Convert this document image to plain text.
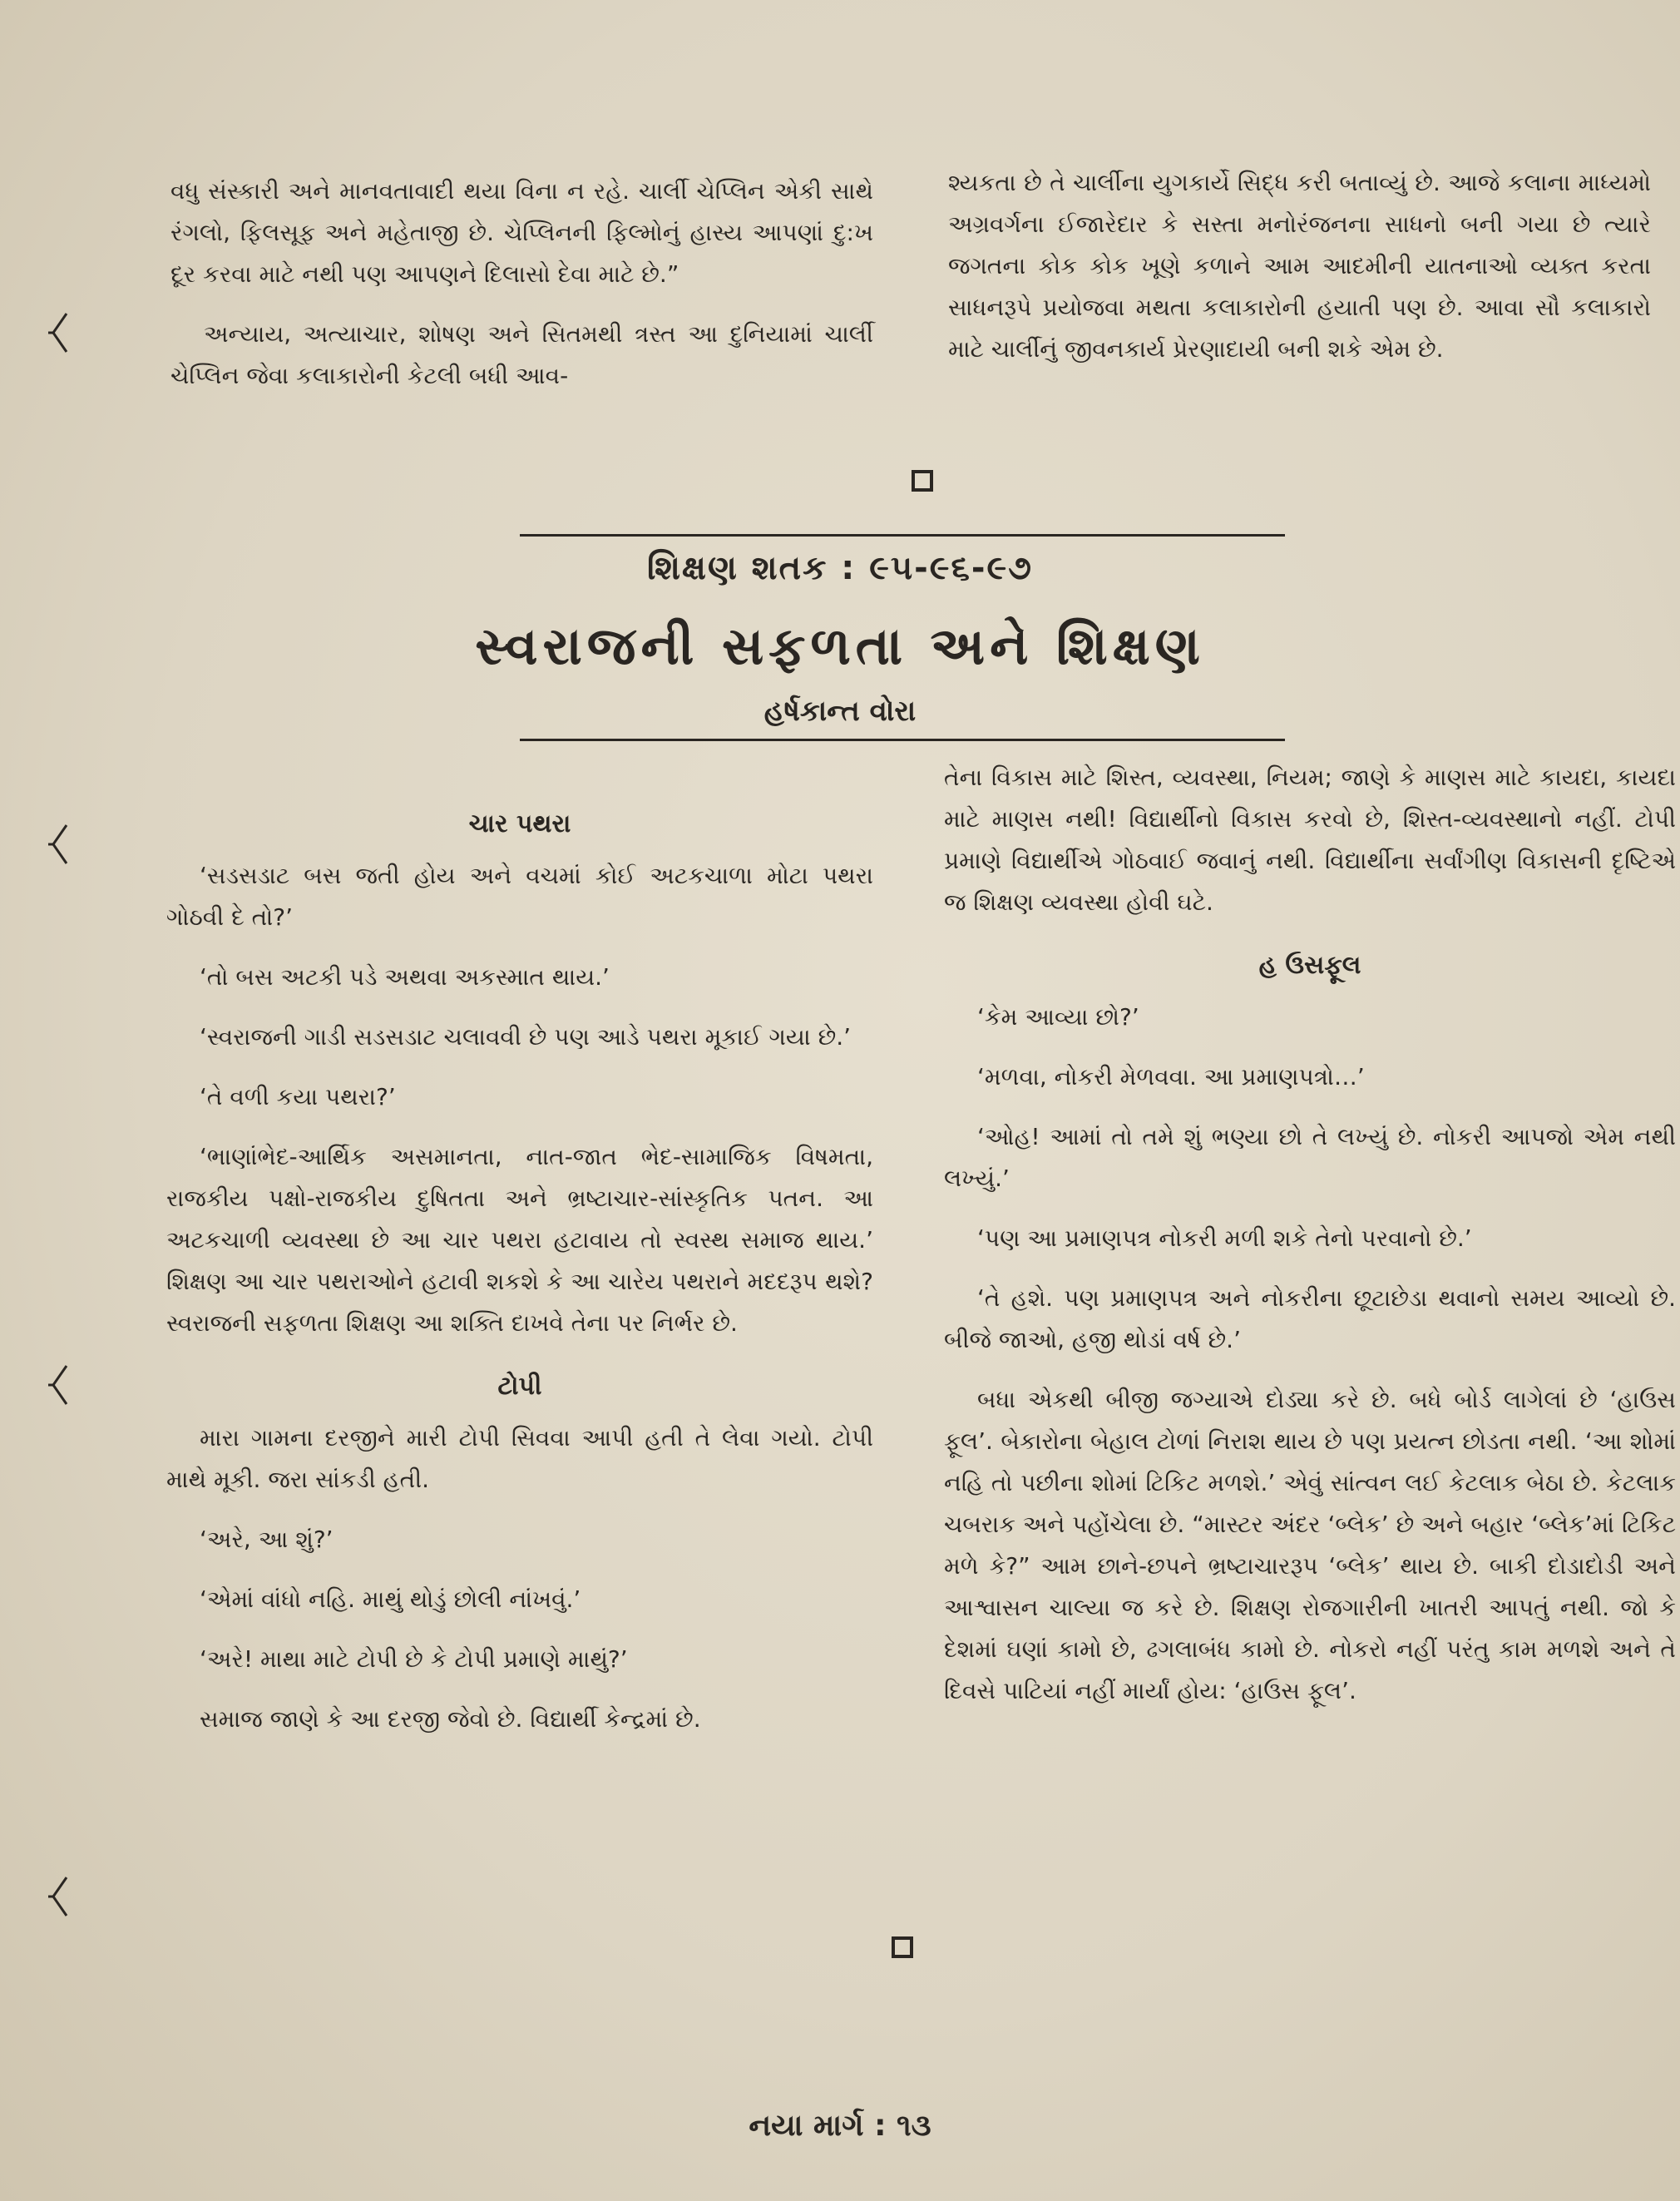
વધુ સંસ્કારી અને માનવતાવાદી થયા વિના ન રહે. ચાર્લી ચેપ્લિન એકી સાથે રંગલો, ફિલસૂફ અને મહેતાજી છે. ચેપ્લિનની ફિલ્મોનું હાસ્ય આપણાં દુ:ખ દૂર કરવા માટે નથી પણ આપણને દિલાસો દેવા માટે છે.”

અન્યાય, અત્યાચાર, શોષણ અને સિતમથી ત્રસ્ત આ દુનિયામાં ચાર્લી ચેપ્લિન જેવા કલાકારોની કેટલી બધી આવ-

શ્યકતા છે તે ચાર્લીના યુગકાર્યે સિદ્ધ કરી બતાવ્યું છે. આજે કલાના માધ્યમો અગ્રવર્ગના ઈજારેદાર કે સસ્તા મનોરંજનના સાધનો બની ગયા છે ત્યારે જગતના કોક કોક ખૂણે કળાને આમ આદમીની યાતનાઓ વ્યક્ત કરતા સાધનરૂપે પ્રયોજવા મથતા કલાકારોની હયાતી પણ છે. આવા સૌ કલાકારો માટે ચાર્લીનું જીવનકાર્ય પ્રેરણાદાયી બની શકે એમ છે.

શિક્ષણ શતક : ૯૫-૯૬-૯૭
સ્વરાજની સફળતા અને શિક્ષણ
હર્ષકાન્ત વોરા
ચાર પથરા

‘સડસડાટ બસ જતી હોય અને વચમાં કોઈ અટકચાળા મોટા પથરા ગોઠવી દે તો?’

‘તો બસ અટકી પડે અથવા અકસ્માત થાય.’

‘સ્વરાજની ગાડી સડસડાટ ચલાવવી છે પણ આડે પથરા મૂકાઈ ગયા છે.’

‘તે વળી કયા પથરા?’

‘ભાણાંભેદ-આર્થિક અસમાનતા, નાત-જાત ભેદ-સામાજિક વિષમતા, રાજકીય પક્ષો-રાજકીય દુષિતતા અને ભ્રષ્ટાચાર-સાંસ્કૃતિક પતન. આ અટકચાળી વ્યવસ્થા છે આ ચાર પથરા હટાવાય તો સ્વસ્થ સમાજ થાય.’ શિક્ષણ આ ચાર પથરાઓને હટાવી શકશે કે આ ચારેય પથરાને મદદરૂપ થશે? સ્વરાજની સફળતા શિક્ષણ આ શક્તિ દાખવે તેના પર નિર્ભર છે.

ટોપી

મારા ગામના દરજીને મારી ટોપી સિવવા આપી હતી તે લેવા ગયો. ટોપી માથે મૂકી. જરા સાંકડી હતી.

‘અરે, આ શું?’

‘એમાં વાંધો નહિ. માથું થોડું છોલી નાંખવું.’

‘અરે! માથા માટે ટોપી છે કે ટોપી પ્રમાણે માથું?’

સમાજ જાણે કે આ દરજી જેવો છે. વિદ્યાર્થી કેન્દ્રમાં છે.

તેના વિકાસ માટે શિસ્ત, વ્યવસ્થા, નિયમ; જાણે કે માણસ માટે કાયદા, કાયદા માટે માણસ નથી! વિદ્યાર્થીનો વિકાસ કરવો છે, શિસ્ત-વ્યવસ્થાનો નહીં. ટોપી પ્રમાણે વિદ્યાર્થીએ ગોઠવાઈ જવાનું નથી. વિદ્યાર્થીના સર્વાંગીણ વિકાસની દૃષ્ટિએ જ શિક્ષણ વ્યવસ્થા હોવી ઘટે.

હ ઉસફૂલ

‘કેમ આવ્યા છો?’

‘મળવા, નોકરી મેળવવા. આ પ્રમાણપત્રો…’

‘ઓહ! આમાં તો તમે શું ભણ્યા છો તે લખ્યું છે. નોકરી આપજો એમ નથી લખ્યું.’

‘પણ આ પ્રમાણપત્ર નોકરી મળી શકે તેનો પરવાનો છે.’

‘તે હશે. પણ પ્રમાણપત્ર અને નોકરીના છૂટાછેડા થવાનો સમય આવ્યો છે. બીજે જાઓ, હજી થોડાં વર્ષ છે.’

બધા એકથી બીજી જગ્યાએ દોડ્યા કરે છે. બધે બોર્ડ લાગેલાં છે ‘હાઉસ ફૂલ’. બેકારોના બેહાલ ટોળાં નિરાશ થાય છે પણ પ્રયત્ન છોડતા નથી. ‘આ શોમાં નહિ તો પછીના શોમાં ટિકિટ મળશે.’ એવું સાંત્વન લઈ કેટલાક બેઠા છે. કેટલાક ચબરાક અને પહોંચેલા છે. “માસ્ટર અંદર ‘બ્લેક’ છે અને બહાર ‘બ્લેક’માં ટિકિટ મળે કે?” આમ છાને-છપને ભ્રષ્ટાચારરૂપ ‘બ્લેક’ થાય છે. બાકી દોડાદોડી અને આશ્વાસન ચાલ્યા જ કરે છે. શિક્ષણ રોજગારીની ખાતરી આપતું નથી. જો કે દેશમાં ઘણાં કામો છે, ઢગલાબંધ કામો છે. નોકરો નહીં પરંતુ કામ મળશે અને તે દિવસે પાટિયાં નહીં માર્યાં હોય: ‘હાઉસ ફૂલ’.

નયા માર્ગ : ૧૩
